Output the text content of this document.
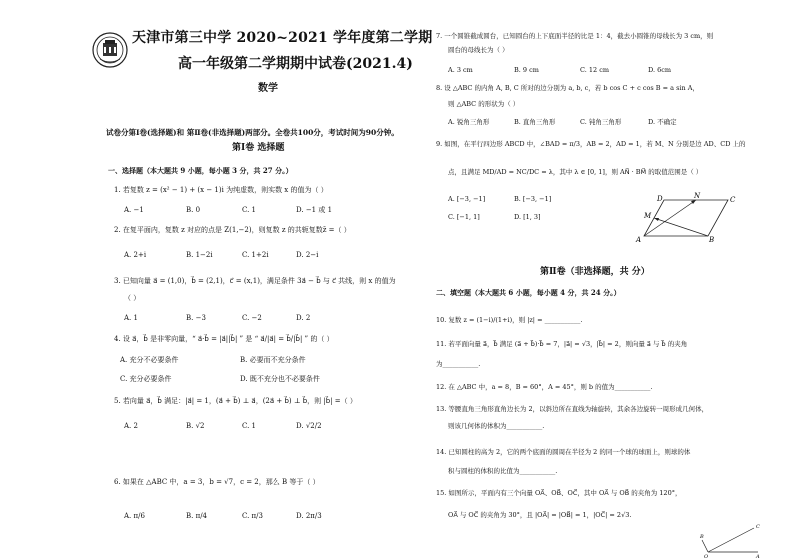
天津市第三中学 2020~2021 学年度第二学期
高一年级第二学期期中试卷(2021.4)
数学
试卷分第Ⅰ卷(选择题)和 第Ⅱ卷(非选择题)两部分。全卷共100分，考试时间为90分钟。
第Ⅰ卷 选择题
一、选择题（本大题共 9 小题，每小题 3 分，共 27 分。）
1. 若复数 z = (x² − 1) + (x − 1)i 为纯虚数，则实数 x 的值为（ ）
A. −1	B. 0	C. 1	D. −1 或 1
2. 在复平面内，复数 z 对应的点是 Z(1,−2)，则复数 z 的共轭复数z̄ =（ ）
A. 2+i	B. 1−2i	C. 1+2i	D. 2−i
3. 已知向量 a⃗ = (1,0)，b⃗ = (2,1)，c⃗ = (x,1)，满足条件 3a⃗ − b⃗ 与 c⃗ 共线，则 x 的值为
（ ）
A. 1	B. −3	C. −2	D. 2
4. 设 a⃗，b⃗ 是非零向量，“ a⃗·b⃗ = |a⃗||b⃗| ” 是 “ a⃗/|a⃗| = b⃗/|b⃗| ” 的（ ）
A. 充分不必要条件	B. 必要而不充分条件
C. 充分必要条件	D. 既不充分也不必要条件
5. 若向量 a⃗，b⃗ 满足：|a⃗| = 1，(a⃗ + b⃗) ⊥ a⃗，(2a⃗ + b⃗) ⊥ b⃗，则 |b⃗| =（ ）
A. 2	B. √2	C. 1	D. √2/2
6. 如果在 △ABC 中，a = 3，b = √7，c = 2，那么 B 等于（ ）
A. π/6	B. π/4	C. π/3	D. 2π/3
7. 一个圆锥截成圆台，已知圆台的上下底面半径的比是 1：4，截去小圆锥的母线长为 3 cm，则
圆台的母线长为（ ）
A. 3 cm	B. 9 cm	C. 12 cm	D. 6cm
8. 设 △ABC 的内角 A, B, C 所对的边分别为 a, b, c，若 b cos C + c cos B = a sin A，
则 △ABC 的形状为（ ）
A. 锐角三角形	B. 直角三角形	C. 钝角三角形	D. 不确定
9. 如图，在平行四边形 ABCD 中，∠BAD = π/3，AB = 2，AD = 1，若 M、N 分别是边 AD、CD 上的
点，且满足 MD/AD = NC/DC = λ，其中 λ ∈ [0, 1]，则 AN⃗ · BM⃗ 的取值范围是（ ）
A. [−3, −1]	B. [−3, −1]
C. [−1, 1]	D. [1, 3]
D	N	C
M
A	B
第Ⅱ卷（非选择题，共 分）
二、填空题（本大题共 6 小题，每小题 4 分，共 24 分。）
10. 复数 z = (1−i)/(1+i)，则 |z| = ___________.
11. 若平面向量 a⃗，b⃗ 满足 (a⃗ + b⃗)·b⃗ = 7，|a⃗| = √3，|b⃗| = 2，则向量 a⃗ 与 b⃗ 的夹角
为___________.
12. 在 △ABC 中，a = 8，B = 60°，A = 45°，则 b 的值为___________.
13. 等腰直角三角形直角边长为 2，以斜边所在直线为轴旋转，其余各边旋转一周形成几何体，
则该几何体的体积为___________.
14. 已知圆柱的高为 2，它的两个底面的圆周在半径为 2 的同一个球的球面上，则球的体
积与圆柱的体积的比值为___________.
15. 如图所示，平面内有三个向量 OA⃗、OB⃗、OC⃗，其中 OA⃗ 与 OB⃗ 的夹角为 120°，
OA⃗ 与 OC⃗ 的夹角为 30°，且 |OA⃗| = |OB⃗| = 1，|OC⃗| = 2√3.
B
C
O	A
